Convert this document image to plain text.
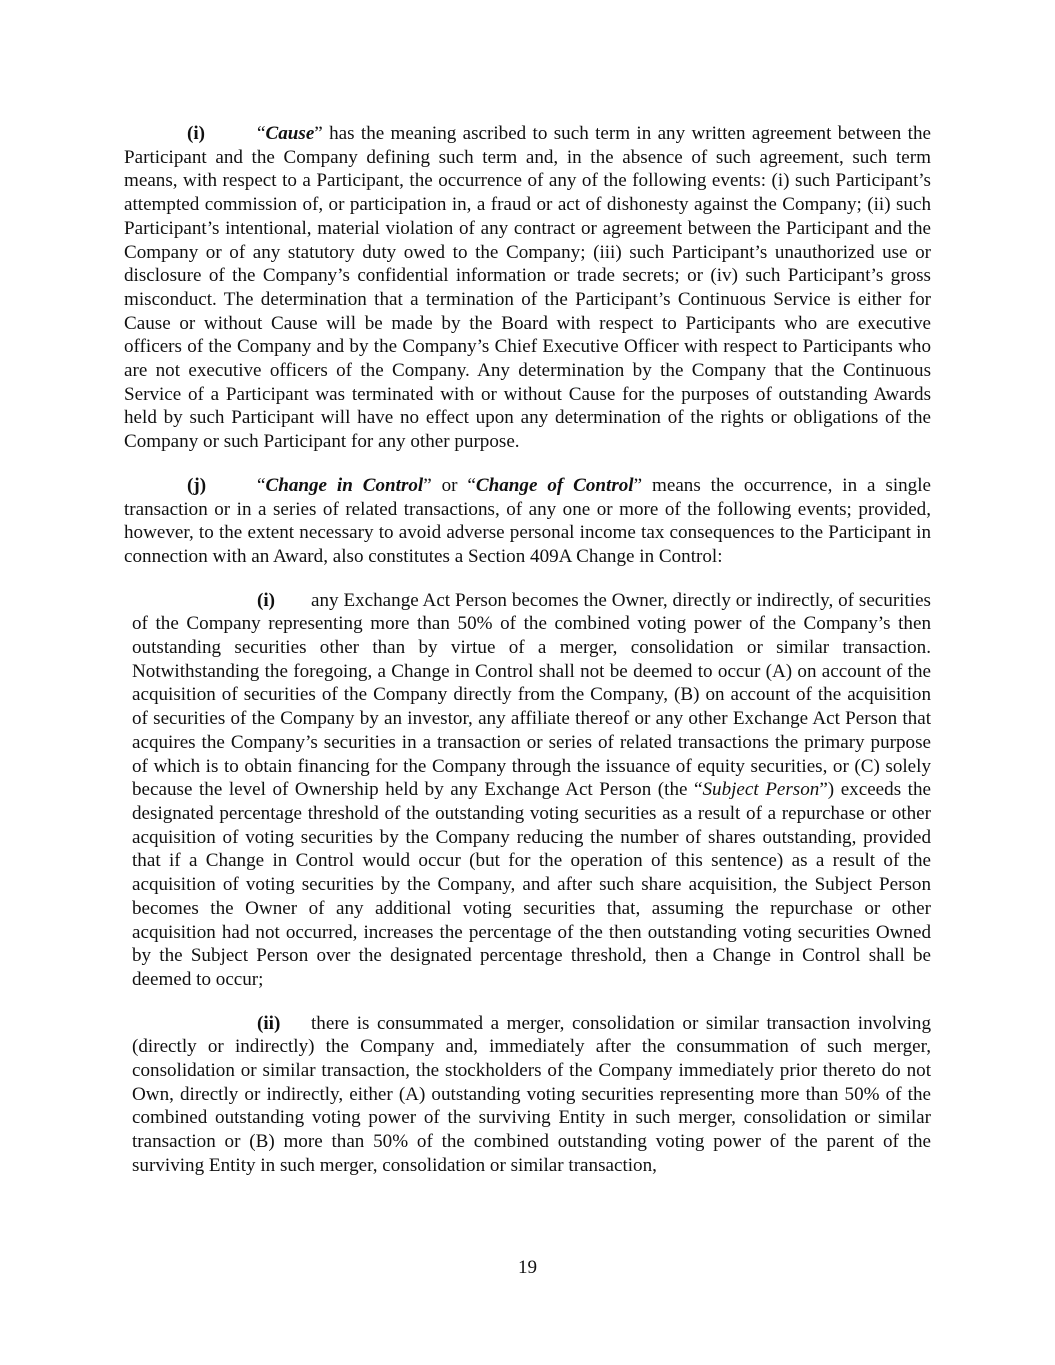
(i)	“Cause” has the meaning ascribed to such term in any written agreement between the Participant and the Company defining such term and, in the absence of such agreement, such term means, with respect to a Participant, the occurrence of any of the following events: (i) such Participant’s attempted commission of, or participation in, a fraud or act of dishonesty against the Company; (ii) such Participant’s intentional, material violation of any contract or agreement between the Participant and the Company or of any statutory duty owed to the Company; (iii) such Participant’s unauthorized use or disclosure of the Company’s confidential information or trade secrets; or (iv) such Participant’s gross misconduct. The determination that a termination of the Participant’s Continuous Service is either for Cause or without Cause will be made by the Board with respect to Participants who are executive officers of the Company and by the Company’s Chief Executive Officer with respect to Participants who are not executive officers of the Company. Any determination by the Company that the Continuous Service of a Participant was terminated with or without Cause for the purposes of outstanding Awards held by such Participant will have no effect upon any determination of the rights or obligations of the Company or such Participant for any other purpose.

(j)	“Change in Control” or “Change of Control” means the occurrence, in a single transaction or in a series of related transactions, of any one or more of the following events; provided, however, to the extent necessary to avoid adverse personal income tax consequences to the Participant in connection with an Award, also constitutes a Section 409A Change in Control:

(i) any Exchange Act Person becomes the Owner, directly or indirectly, of securities of the Company representing more than 50% of the combined voting power of the Company’s then outstanding securities other than by virtue of a merger, consolidation or similar transaction. Notwithstanding the foregoing, a Change in Control shall not be deemed to occur (A) on account of the acquisition of securities of the Company directly from the Company, (B) on account of the acquisition of securities of the Company by an investor, any affiliate thereof or any other Exchange Act Person that acquires the Company’s securities in a transaction or series of related transactions the primary purpose of which is to obtain financing for the Company through the issuance of equity securities, or (C) solely because the level of Ownership held by any Exchange Act Person (the “Subject Person”) exceeds the designated percentage threshold of the outstanding voting securities as a result of a repurchase or other acquisition of voting securities by the Company reducing the number of shares outstanding, provided that if a Change in Control would occur (but for the operation of this sentence) as a result of the acquisition of voting securities by the Company, and after such share acquisition, the Subject Person becomes the Owner of any additional voting securities that, assuming the repurchase or other acquisition had not occurred, increases the percentage of the then outstanding voting securities Owned by the Subject Person over the designated percentage threshold, then a Change in Control shall be deemed to occur;

(ii) there is consummated a merger, consolidation or similar transaction involving (directly or indirectly) the Company and, immediately after the consummation of such merger, consolidation or similar transaction, the stockholders of the Company immediately prior thereto do not Own, directly or indirectly, either (A) outstanding voting securities representing more than 50% of the combined outstanding voting power of the surviving Entity in such merger, consolidation or similar transaction or (B) more than 50% of the combined outstanding voting power of the parent of the surviving Entity in such merger, consolidation or similar transaction,

19
